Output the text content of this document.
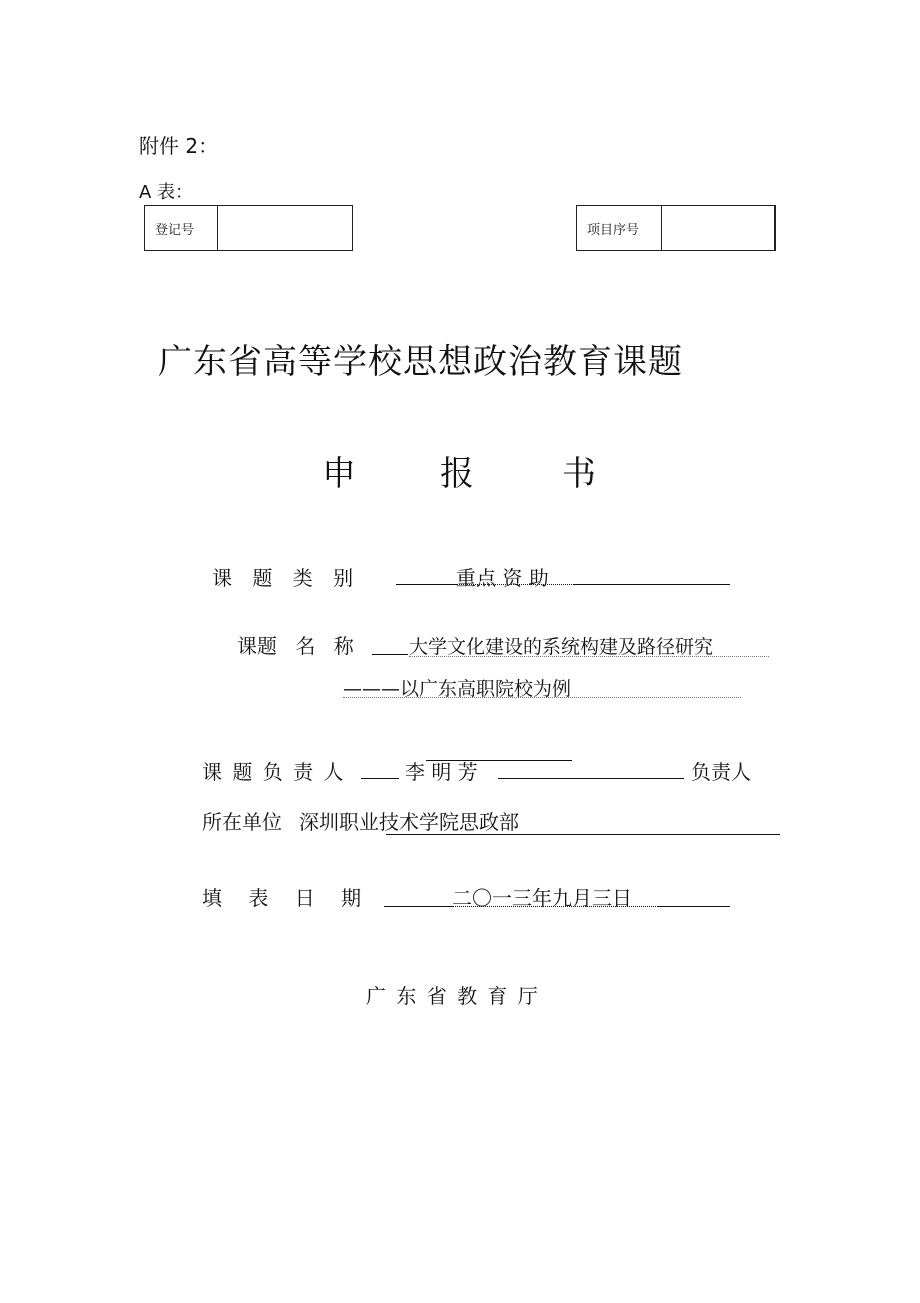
附件 2：
A 表：
登记号	项目序号
广东省高等学校思想政治教育课题
申 报	书
课 题 类 别	重点 资 助
课题 名 称	大学文化建设的系统构建及路径研究
———以广东高职院校为例
课 题 负 责 人	李 明 芳	负责人
所在单位 深圳职业技术学院思政部
填 表 日 期	二〇一三年九月三日
广 东 省 教 育 厅
